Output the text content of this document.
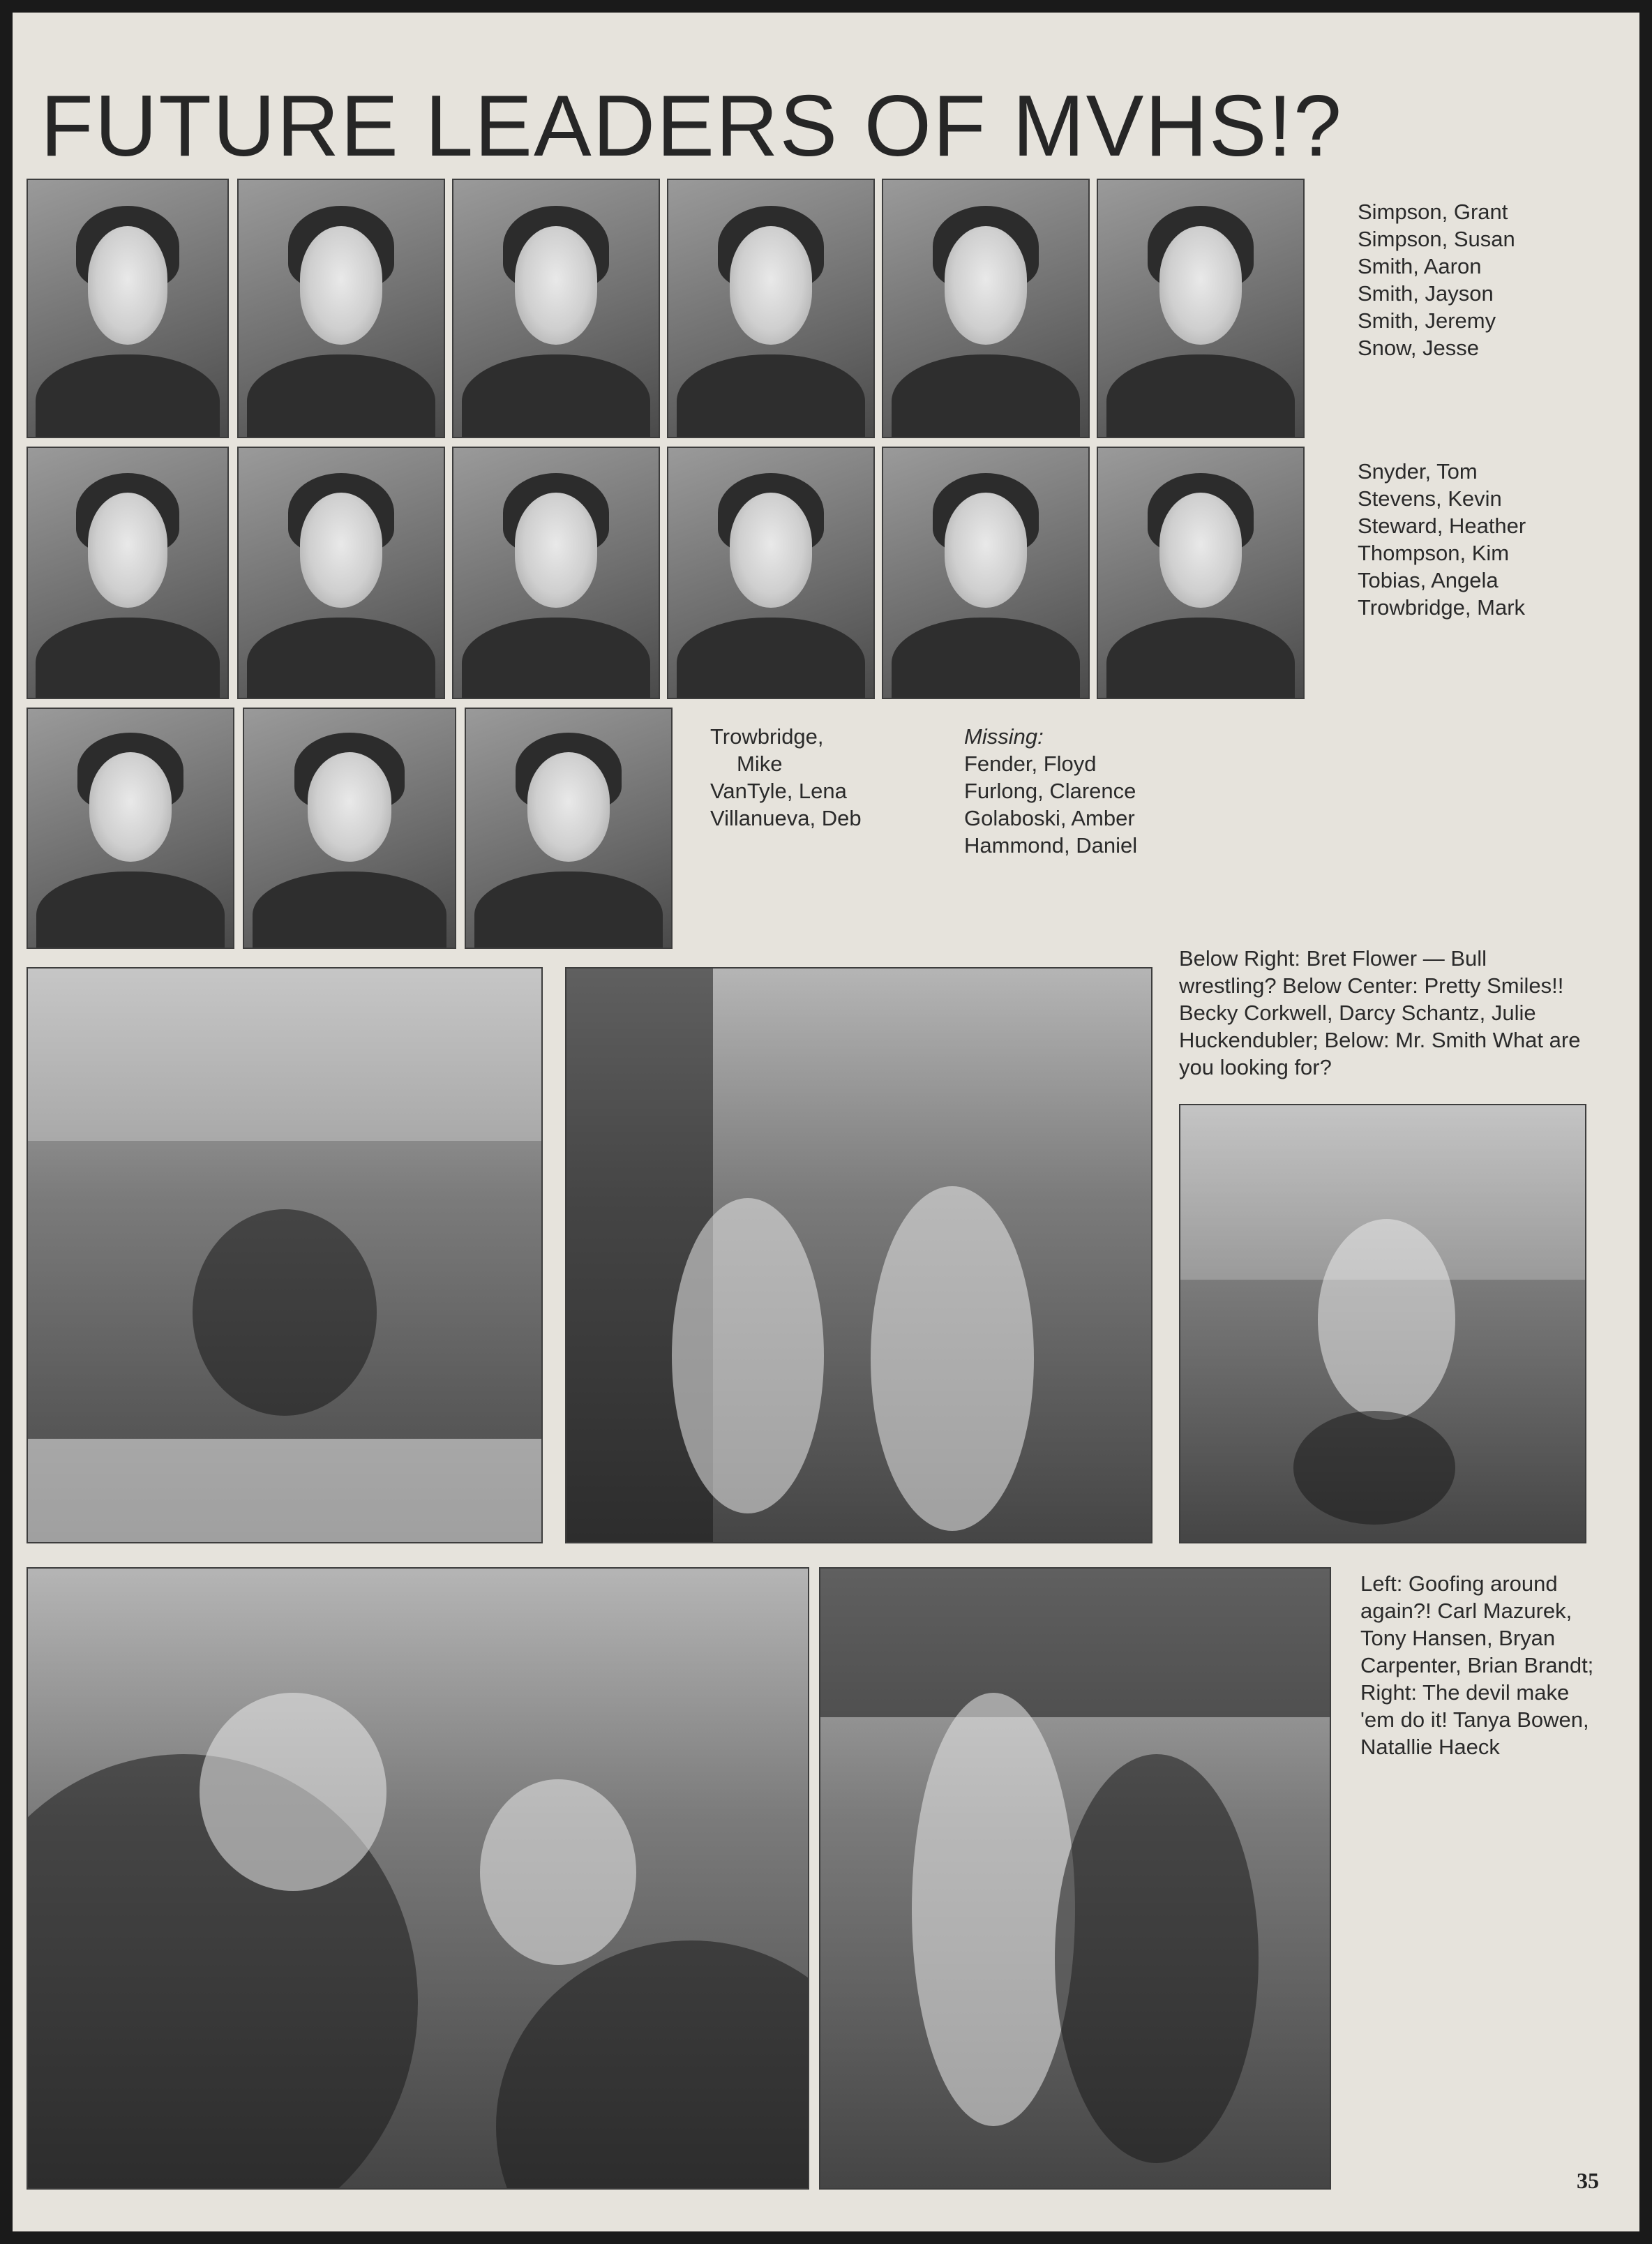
FUTURE LEADERS OF MVHS!?
Simpson, Grant
Simpson, Susan
Smith, Aaron
Smith, Jayson
Smith, Jeremy
Snow, Jesse
Snyder, Tom
Stevens, Kevin
Steward, Heather
Thompson, Kim
Tobias, Angela
Trowbridge, Mark
Trowbridge,
Mike
VanTyle, Lena
Villanueva, Deb
Missing:
Fender, Floyd
Furlong, Clarence
Golaboski, Amber
Hammond, Daniel

Below Right: Bret Flower — Bull wrestling? Below Center: Pretty Smiles!! Becky Corkwell, Darcy Schantz, Julie Huckendubler; Below: Mr. Smith What are you looking for?

Left: Goofing around again?! Carl Mazurek, Tony Hansen, Bryan Carpenter, Brian Brandt; Right: The devil make 'em do it! Tanya Bowen, Natallie Haeck

35
